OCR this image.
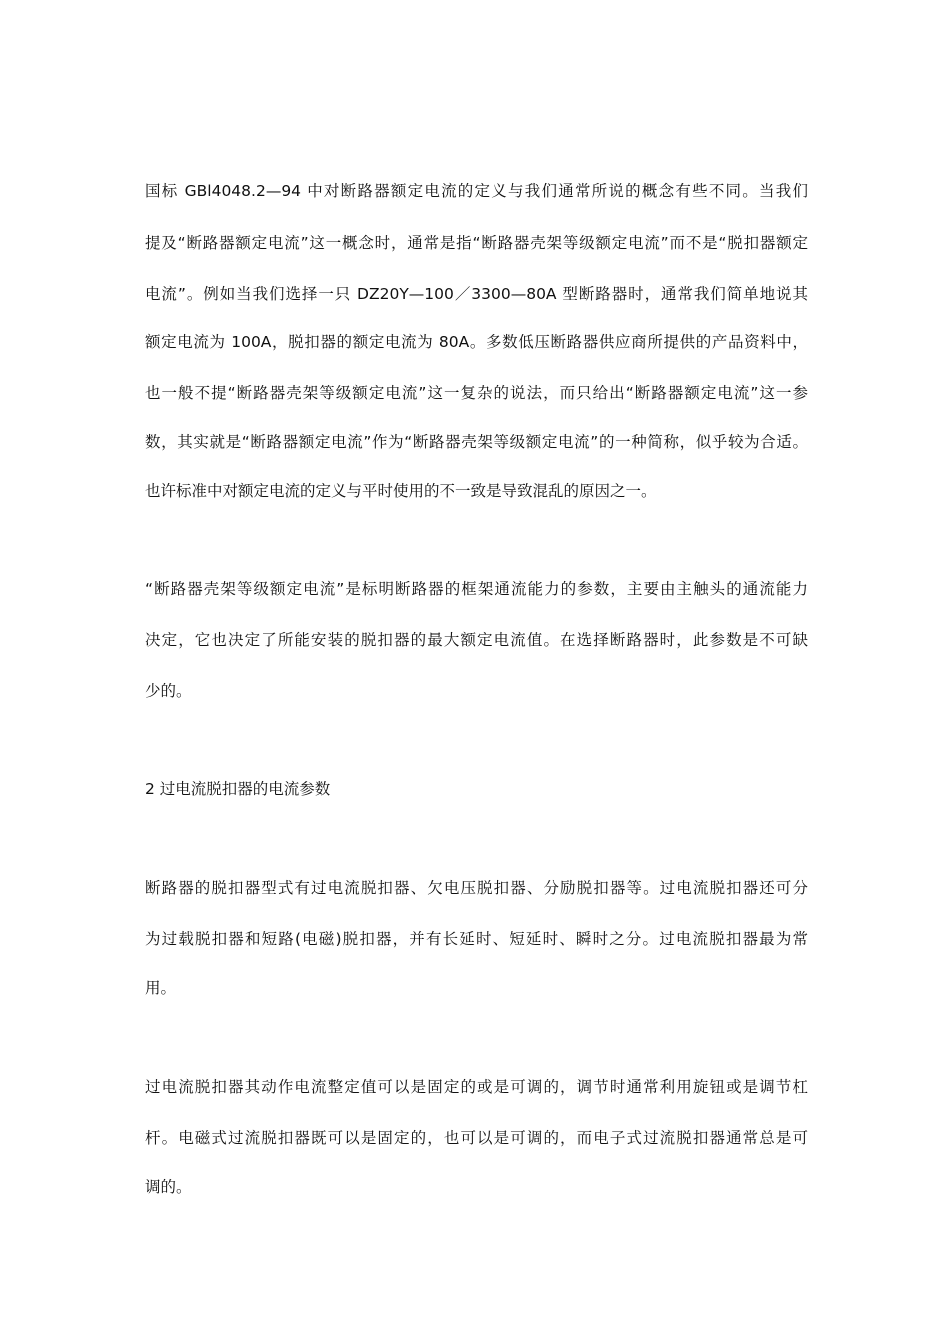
国标 GBl4048.2—94 中对断路器额定电流的定义与我们通常所说的概念有些不同。当我们
提及“断路器额定电流”这一概念时，通常是指“断路器壳架等级额定电流”而不是“脱扣器额定
电流”。例如当我们选择一只 DZ20Y—100／3300—80A 型断路器时，通常我们简单地说其
额定电流为 100A，脱扣器的额定电流为 80A。多数低压断路器供应商所提供的产品资料中，
也一般不提“断路器壳架等级额定电流”这一复杂的说法，而只给出“断路器额定电流”这一参
数，其实就是“断路器额定电流”作为“断路器壳架等级额定电流”的一种简称，似乎较为合适。
也许标准中对额定电流的定义与平时使用的不一致是导致混乱的原因之一。
“断路器壳架等级额定电流”是标明断路器的框架通流能力的参数，主要由主触头的通流能力
决定，它也决定了所能安装的脱扣器的最大额定电流值。在选择断路器时，此参数是不可缺
少的。
2 过电流脱扣器的电流参数
断路器的脱扣器型式有过电流脱扣器、欠电压脱扣器、分励脱扣器等。过电流脱扣器还可分
为过载脱扣器和短路(电磁)脱扣器，并有长延时、短延时、瞬时之分。过电流脱扣器最为常
用。
过电流脱扣器其动作电流整定值可以是固定的或是可调的，调节时通常利用旋钮或是调节杠
杆。电磁式过流脱扣器既可以是固定的，也可以是可调的，而电子式过流脱扣器通常总是可
调的。
